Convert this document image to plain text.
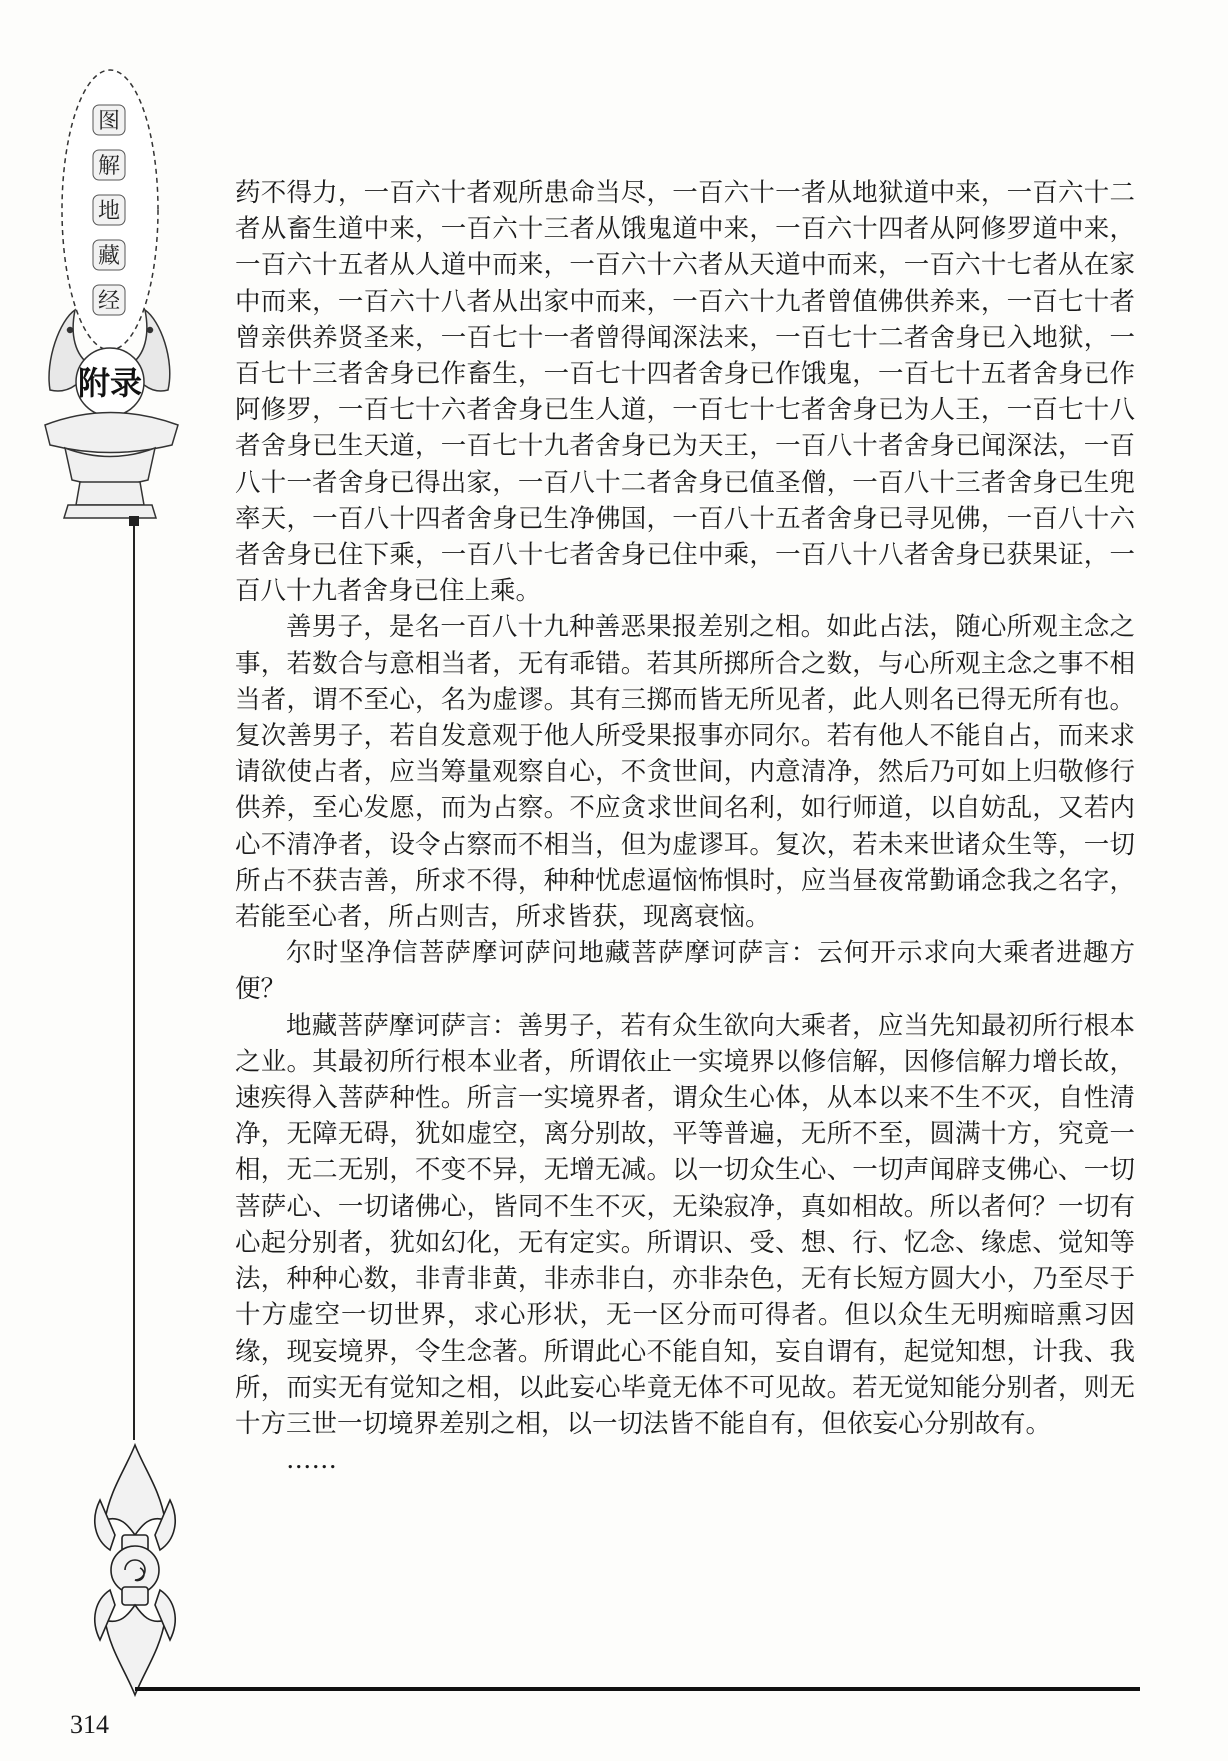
图
解
地
藏
经
附录

药不得力，一百六十者观所患命当尽，一百六十一者从地狱道中来，一百六十二者从畜生道中来，一百六十三者从饿鬼道中来，一百六十四者从阿修罗道中来，一百六十五者从人道中而来，一百六十六者从天道中而来，一百六十七者从在家中而来，一百六十八者从出家中而来，一百六十九者曾值佛供养来，一百七十者曾亲供养贤圣来，一百七十一者曾得闻深法来，一百七十二者舍身已入地狱，一百七十三者舍身已作畜生，一百七十四者舍身已作饿鬼，一百七十五者舍身已作阿修罗，一百七十六者舍身已生人道，一百七十七者舍身已为人王，一百七十八者舍身已生天道，一百七十九者舍身已为天王，一百八十者舍身已闻深法，一百八十一者舍身已得出家，一百八十二者舍身已值圣僧，一百八十三者舍身已生兜率天，一百八十四者舍身已生净佛国，一百八十五者舍身已寻见佛，一百八十六者舍身已住下乘，一百八十七者舍身已住中乘，一百八十八者舍身已获果证，一百八十九者舍身已住上乘。

善男子，是名一百八十九种善恶果报差别之相。如此占法，随心所观主念之事，若数合与意相当者，无有乖错。若其所掷所合之数，与心所观主念之事不相当者，谓不至心，名为虚谬。其有三掷而皆无所见者，此人则名已得无所有也。复次善男子，若自发意观于他人所受果报事亦同尔。若有他人不能自占，而来求请欲使占者，应当筹量观察自心，不贪世间，内意清净，然后乃可如上归敬修行供养，至心发愿，而为占察。不应贪求世间名利，如行师道，以自妨乱，又若内心不清净者，设令占察而不相当，但为虚谬耳。复次，若未来世诸众生等，一切所占不获吉善，所求不得，种种忧虑逼恼怖惧时，应当昼夜常勤诵念我之名字，若能至心者，所占则吉，所求皆获，现离衰恼。

尔时坚净信菩萨摩诃萨问地藏菩萨摩诃萨言：云何开示求向大乘者进趣方便？

地藏菩萨摩诃萨言：善男子，若有众生欲向大乘者，应当先知最初所行根本之业。其最初所行根本业者，所谓依止一实境界以修信解，因修信解力增长故，速疾得入菩萨种性。所言一实境界者，谓众生心体，从本以来不生不灭，自性清净，无障无碍，犹如虚空，离分别故，平等普遍，无所不至，圆满十方，究竟一相，无二无别，不变不异，无增无减。以一切众生心、一切声闻辟支佛心、一切菩萨心、一切诸佛心，皆同不生不灭，无染寂净，真如相故。所以者何？一切有心起分别者，犹如幻化，无有定实。所谓识、受、想、行、忆念、缘虑、觉知等法，种种心数，非青非黄，非赤非白，亦非杂色，无有长短方圆大小，乃至尽于十方虚空一切世界，求心形状，无一区分而可得者。但以众生无明痴暗熏习因缘，现妄境界，令生念著。所谓此心不能自知，妄自谓有，起觉知想，计我、我所，而实无有觉知之相，以此妄心毕竟无体不可见故。若无觉知能分别者，则无十方三世一切境界差别之相，以一切法皆不能自有，但依妄心分别故有。

……

314
